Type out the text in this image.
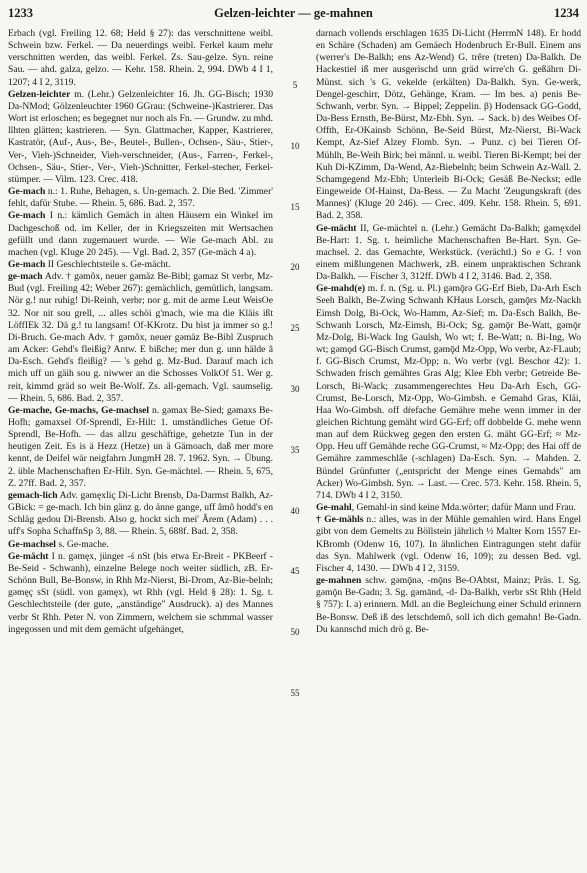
1233	Gelzen-leichter — ge-mahnen	1234

Erbach (vgl. Freiling 12. 68; Held § 27): das verschnittene weibl. Schwein bzw. Ferkel. — Da neuerdings weibl. Ferkel kaum mehr verschnitten werden, das weibl. Ferkel. Zs. Sau-gelze. Syn. reine Sau. — ahd. galza, gelzo. — Kehr. 158. Rhein. 2, 994. DWb 4 I 1, 1207; 4 I 2, 3119.

Gelzen-leichter m. (Lehr.) Gelzenleichter 16. Jh. GG-Bisch; 1930 Da-NMod; Gölzenleuchter 1960 GGrau: (Schweine-)Kastrierer. Das Wort ist erloschen; es begegnet nur noch als Fn. — Grundw. zu mhd. lîhten glätten; kastrieren. — Syn. Glattmacher, Kapper, Kastrierer, Kastratör, (Auf-, Aus-, Be-, Beutel-, Bullen-, Ochsen-, Säu-, Stier-, Ver-, Vieh-)Schneider, Vieh-verschneider, (Aus-, Farren-, Ferkel-, Ochsen-, Säu-, Stier-, Ver-, Vieh-)Schnitter, Ferkel-stecher, Ferkel-stümper. — Vilm. 123. Crec. 418.

Ge-mach n.: 1. Ruhe, Behagen, s. Un-gemach. 2. Die Bed. 'Zimmer' fehlt, dafür Stube. — Rhein. 5, 686. Bad. 2, 357.

Ge-mach I n.: kämlich Gemäch in alten Häusern ein Winkel im Dachgeschoß od. im Keller, der in Kriegszeiten mit Wertsachen gefüllt und dann zugemauert wurde. — Wie Ge-mach Abl. zu machen (vgl. Kluge 20 245). — Vgl. Bad. 2, 357 (Ge-mäch 4 a).

Ge-mach II Geschlechtsteile s. Ge-mächt.

ge-mach Adv. † gəmôx, neuer gəmäz Be-Bibl; gəmaz St verbr, Mz-Bud (vgl. Freiling 42; Weber 267): gemächlich, gemütlich, langsam. Nör g.! nur ruhig! Di-Reinh, verbr; nor g. mit de arme Leut WeisOe 32. Nor nit sou grell, ... alles schöi g'mach, wie ma die Kläis ißt LöffIEk 32. Dä g.! tu langsam! Of-KKrotz. Du bist ja immer so g.! Di-Bruch. Ge-mach Adv. † gəmôx, neuer gəmäz Be-Bibl Zuspruch am Acker: Gehd's fleißig? Antw. E bißche; mer dun g. unn hälde â Da-Esch. Gehd's fleißig? — 's gehd g. Mz-Bud. Darauf mach ich mich uff un gäih sou g. niwwer an die Schosses VolkOf 51. Wer g. reit, kimmd gräd so weit Be-Wolf. Zs. all-gemach. Vgl. saumselig. — Rhein. 5, 686. Bad. 2, 357.

Ge-mache, Ge-machs, Ge-machsel n. gəmax Be-Sied; gəmaxs Be-Hofh; gəmaxsel Of-Sprendl, Er-Hilt: 1. umständliches Getue Of-Sprendl, Be-Hofh. — das allzu geschäftige, gehetzte Tun in der heutigen Zeit. Es is ä Hezz (Hetze) un ä Gämoach, daß mer more kennt, de Deifel wär neigfahrn JungmH 28. 7. 1962. Syn. → Übung. 2. üble Machenschaften Er-Hilt. Syn. Ge-mächtel. — Rhein. 5, 675, Z. 27ff. Bad. 2, 357.

gemach-lich Adv. gəmęxliç Di-Licht Brensb, Da-Darmst Balkh, Az-GBick: = ge-mach. Ich bin gänz g. do änne gange, uff âmô hodd's en Schläg gedou Di-Brensb. Also g. hockt sich mei' Ârem (Adam) . . . uff's Sopha SchaffnSp 3, 88. — Rhein. 5, 688f. Bad. 2, 358.

Ge-machsel s. Ge-mache.

Ge-mächt I n. gəmęx, jünger -ś nSt (bis etwa Er-Breit - PKBeerf - Be-Seid - Schwanh), einzelne Belege noch weiter südlich, zB. Er-Schönn Bull, Be-Bonsw, in Rhh Mz-Nierst, Bi-Drom, Az-Bie-belnh; gəmęç sSt (südl. von gəmęx), wt Rhh (vgl. Held § 28): 1. Sg. t. Geschlechtsteile (der gute, „anständige" Ausdruck). a) des Mannes verbr St Rhh. Peter N. von Zimmern, welchem sie schmmal wasser ingegossen und mit dem gemächt ufgehänget,

5
10
15
20
25
30
35
40
45
50
55

darnach vollends erschlagen 1635 Di-Licht (HerrmN 148). Er hodd en Schäre (Schaden) am Gemäech Hodenbruch Er-Bull. Einem ans (werrer's De-Balkh; ens Az-Wend) G. trêre (treten) Da-Balkh. De Hackestiel iß mer ausgerischd unn gräd wirre'ch G. geßährn Di-Münst. sich 's G. vekelde (erkälten) Da-Balkh. Syn. Ge-werk, Dengel-geschirr, Dötz, Gehänge, Kram. — Im bes. a) penis Be-Schwanh, verbr. Syn. → Bippel; Zeppelin. β) Hodensack GG-Godd, Da-Bess Ernsth, Be-Bürst, Mz-Ebh. Syn. → Sack. b) des Weibes Of-Offth, Er-OKainsb Schönn, Be-Seid Bürst, Mz-Nierst, Bi-Wack Kempt, Az-Sief Alzey Flomb. Syn. → Punz. c) bei Tieren Of-Mühlh, Be-Weih Birk; bei männl. u. weibl. Tieren Bi-Kempt; bei der Kuh Di-KZimm, Da-Wend, Az-Biebelnh; beim Schwein Az-Wall. 2. Schamgegend Mz-Ebh; Unterleib Bi-Ock; Gesäß Be-Neckst; edle Eingeweide Of-Hainst, Da-Bess. — Zu Macht 'Zeugungskraft (des Mannes)' (Kluge 20 246). — Crec. 409. Kehr. 158. Rhein. 5, 691. Bad. 2, 358.

Ge-mächt II, Ge-mächtel n. (Lehr.) Gemächt Da-Balkh; gəmęxdel Be-Hart: 1. Sg. t. heimliche Machenschaften Be-Hart. Syn. Ge-machsel. 2. das Gemachte, Werkstück. (verächtl.) So e G. ! von einem mißlungenen Machwerk, zB. einem unpraktischen Schrank Da-Balkh. — Fischer 3, 312ff. DWb 4 I 2, 3146. Bad. 2, 358.

Ge-mahd(e) m. f. n. (Sg. u. Pl.) gəmǭrə GG-Erf Bieb, Da-Arh Esch Seeh Balkh, Be-Zwing Schwanh KHaus Lorsch, gəmǭrs Mz-Nackh Eimsh Dolg, Bi-Ock, Wo-Hamm, Az-Sief; m. Da-Esch Balkh, Be-Schwanh Lorsch, Mz-Eimsh, Bi-Ock; Sg. gəmǭr Be-Watt, gəmǭr Mz-Dolg, Bi-Wack Ing Gaulsh, Wo wt; f. Be-Watt; n. Bi-Ing, Wo wt; gəmǫd GG-Bisch Crumst, gəmǭd Mz-Opp, Wo verbr, Az-FLaub; f. GG-Bisch Crumst, Mz-Opp; n. Wo verbr (vgl. Beschor 42): 1. Schwaden frisch gemähtes Gras Alg; Klee Ebh verbr; Getreide Be-Lorsch, Bi-Wack; zusammengerechtes Heu Da-Arh Esch, GG-Crumst, Be-Lorsch, Mz-Opp, Wo-Gimbsh. e Gemahd Gras, Kläi, Haa Wo-Gimbsh. off dṙefache Gemähre mehe wenn immer in der gleichen Richtung gemäht wird GG-Erf; off dobbelde G. mehe wenn man auf dem Rückweg gegen den ersten G. mäht GG-Erf; ≈ Mz-Opp. Heu uff Gemähde reche GG-Crumst, ≈ Mz-Opp; des Hai off de Gemähre zammeschlâe (-schlagen) Da-Esch. Syn. → Mahden. 2. Bündel Grünfutter („entspricht der Menge eines Gemahds" am Acker) Wo-Gimbsh. Syn. → Last. — Crec. 573. Kehr. 158. Rhein. 5, 714. DWb 4 I 2, 3150.

Ge-mahl, Gemahl-in sind keine Mda.wörter; dafür Mann und Frau.

† Ge-mähls n.: alles, was in der Mühle gemahlen wird. Hans Engel gibt von dem Gemelts zu Böllstein jährlich ½ Malter Korn 1557 Er-KBromb (Odenw 16, 107). In ähnlichen Eintragungen steht dafür das Syn. Mahlwerk (vgl. Odenw 16, 109); zu dessen Bed. vgl. Fischer 4, 1430. — DWb 4 I 2, 3159.

ge-mahnen schw. gəmǭnə, -mǭns Be-OAbtst, Mainz; Präs. 1. Sg. gəmǭn Be-Gadn; 3. Sg. gəmānd, -d- Da-Balkh, verbr sSt Rhh (Held § 757): I. a) erinnern. Mdl. an die Begleichung einer Schuld erinnern Be-Bonsw. Deß iß des letschdemô, soll ich dich gemahn! Be-Gadn. Du kannschd mich drö g. Be-
